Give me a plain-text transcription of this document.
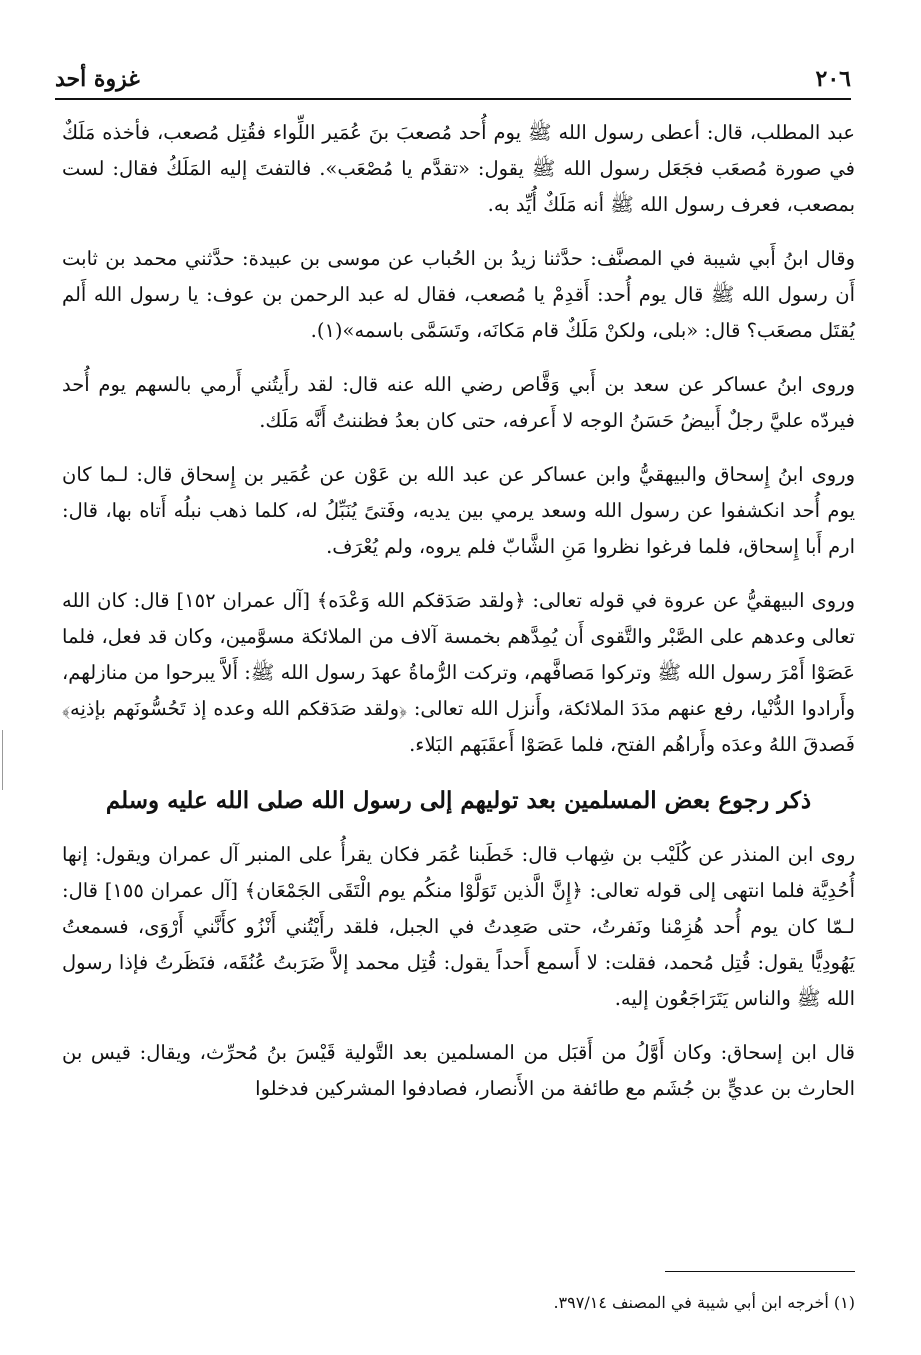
٢٠٦
غزوة أحد

عبد المطلب، قال: أعطى رسول الله ﷺ يوم أُحد مُصعبَ بنَ عُمَير اللِّواء فقُتِل مُصعب، فأخذه مَلَكٌ في صورة مُصعَب فجَعَل رسول الله ﷺ يقول: «تقدَّم يا مُصْعَب». فالتفتَ إليه المَلَكُ فقال: لست بمصعب، فعرف رسول الله ﷺ أنه مَلَكٌ أُيِّد به.

وقال ابنُ أَبي شيبة في المصنَّف: حدَّثنا زيدُ بن الحُباب عن موسى بن عبيدة: حدَّثني محمد بن ثابت أَن رسول الله ﷺ قال يوم أُحد: أَقدِمْ يا مُصعب، فقال له عبد الرحمن بن عوف: يا رسول الله أَلم يُقتَل مصعَب؟ قال: «بلى، ولكنْ مَلَكٌ قام مَكانَه، وتَسَمَّى باسمه»(١).

وروى ابنُ عساكر عن سعد بن أَبي وَقَّاص رضي الله عنه قال: لقد رأَيتُني أَرمي بالسهم يوم أُحد فيردّه عليَّ رجلٌ أَبيضُ حَسَنُ الوجه لا أَعرفه، حتى كان بعدُ فظننتُ أَنَّه مَلَك.

وروى ابنُ إِسحاق والبيهقيُّ وابن عساكر عن عبد الله بن عَوْن عن عُمَير بن إِسحاق قال: لـما كان يوم أُحد انكشفوا عن رسول الله وسعد يرمي بين يديه، وفَتىً يُنَبِّلُ له، كلما ذهب نبلُه أَتاه بها، قال: ارم أَبا إِسحاق، فلما فرغوا نظروا مَنِ الشَّابّ فلم يروه، ولم يُعْرَف.

وروى البيهقيُّ عن عروة في قوله تعالى: ﴿ولقد صَدَقكم الله وَعْدَه﴾ [آل عمران ١٥٢] قال: كان الله تعالى وعدهم على الصَّبْر والتَّقوى أَن يُمِدَّهم بخمسة آلاف من الملائكة مسوَّمين، وكان قد فعل، فلما عَصَوْا أَمْرَ رسول الله ﷺ وتركوا مَصافَّهم، وتركت الرُّماةُ عهدَ رسول الله ﷺ: أَلاَّ يبرحوا من منازلهم، وأَرادوا الدُّنْيا، رفع عنهم مدَدَ الملائكة، وأَنزل الله تعالى: ﴿ولقد صَدَقكم الله وعده إذ تَحُسُّونَهم بإذنِه﴾ فَصدقَ اللهُ وعدَه وأَراهُم الفتح، فلما عَصَوْا أَعقَبَهم البَلاء.

ذكر رجوع بعض المسلمين بعد توليهم إلى رسول الله صلى الله عليه وسلم

روى ابن المنذر عن كُلَيْب بن شِهاب قال: خَطَبنا عُمَر فكان يقرأُ على المنبر آل عمران ويقول: إنها أُحُدِيَّة فلما انتهى إلى قوله تعالى: ﴿إِنَّ الَّذين تَوَلَّوْا منكُم يوم الْتَقَى الجَمْعَان﴾ [آل عمران ١٥٥] قال: لـمّا كان يوم أُحد هُزِمْنا ونَفرتُ، حتى صَعِدتُ في الجبل، فلقد رأَيْتُني أَنْزُو كأَنَّني أَرْوَى، فسمعتُ يَهُودِيًّا يقول: قُتِل مُحمد، فقلت: لا أَسمع أَحداً يقول: قُتِل محمد إلاَّ ضَرَبتُ عُنُقَه، فنَظَرتُ فإذا رسول الله ﷺ والناس يَتَرَاجَعُون إليه.

قال ابن إسحاق: وكان أَوَّلُ من أَقبَل من المسلمين بعد التَّولية قَيْسَ بنُ مُحرِّث، ويقال: قيس بن الحارث بن عديٍّ بن جُشَم مع طائفة من الأَنصار، فصادفوا المشركين فدخلوا

(١) أخرجه ابن أبي شيبة في المصنف ٣٩٧/١٤.
